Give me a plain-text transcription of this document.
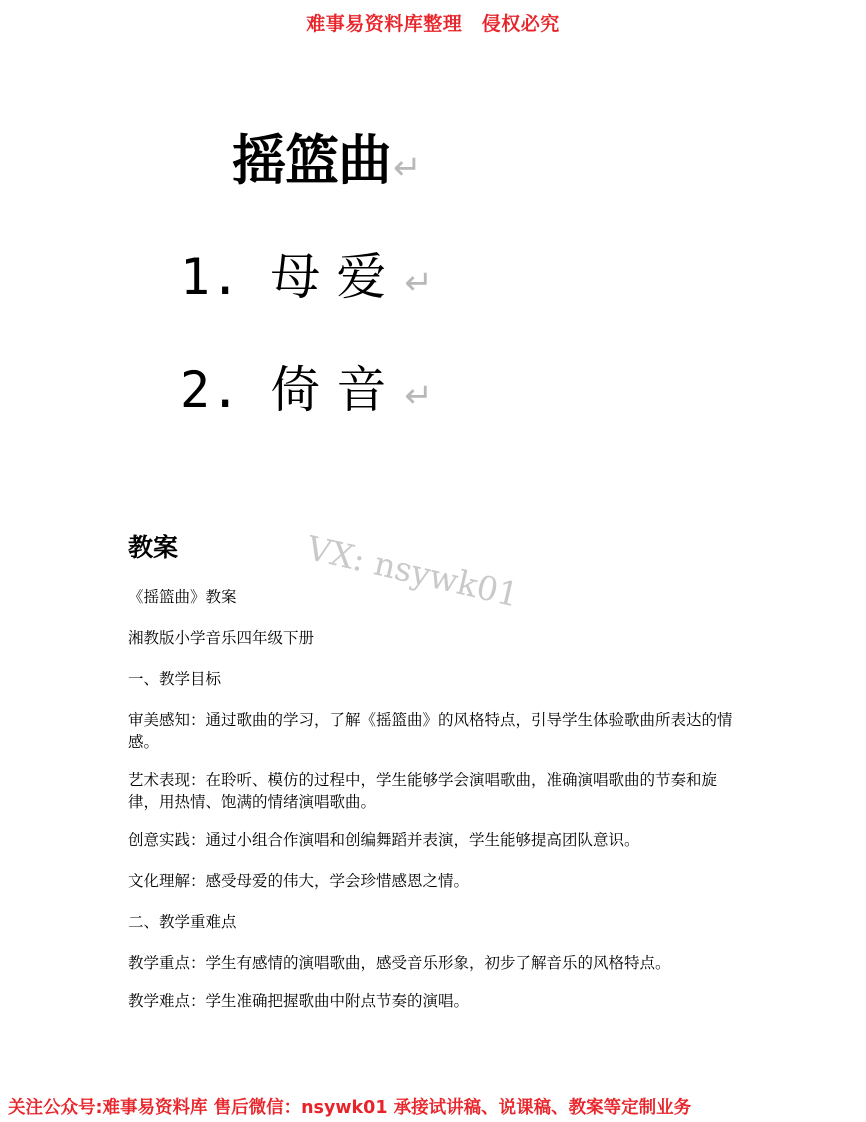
难事易资料库整理　侵权必究
摇篮曲↵
1. 母爱↵
2. 倚音↵
VX: nsywk01
教案
《摇篮曲》教案
湘教版小学音乐四年级下册
一、教学目标
审美感知：通过歌曲的学习，了解《摇篮曲》的风格特点，引导学生体验歌曲所表达的情感。
艺术表现：在聆听、模仿的过程中，学生能够学会演唱歌曲，准确演唱歌曲的节奏和旋律，用热情、饱满的情绪演唱歌曲。
创意实践：通过小组合作演唱和创编舞蹈并表演，学生能够提高团队意识。
文化理解：感受母爱的伟大，学会珍惜感恩之情。
二、教学重难点
教学重点：学生有感情的演唱歌曲，感受音乐形象，初步了解音乐的风格特点。
教学难点：学生准确把握歌曲中附点节奏的演唱。
关注公众号:难事易资料库 售后微信：nsywk01 承接试讲稿、说课稿、教案等定制业务
